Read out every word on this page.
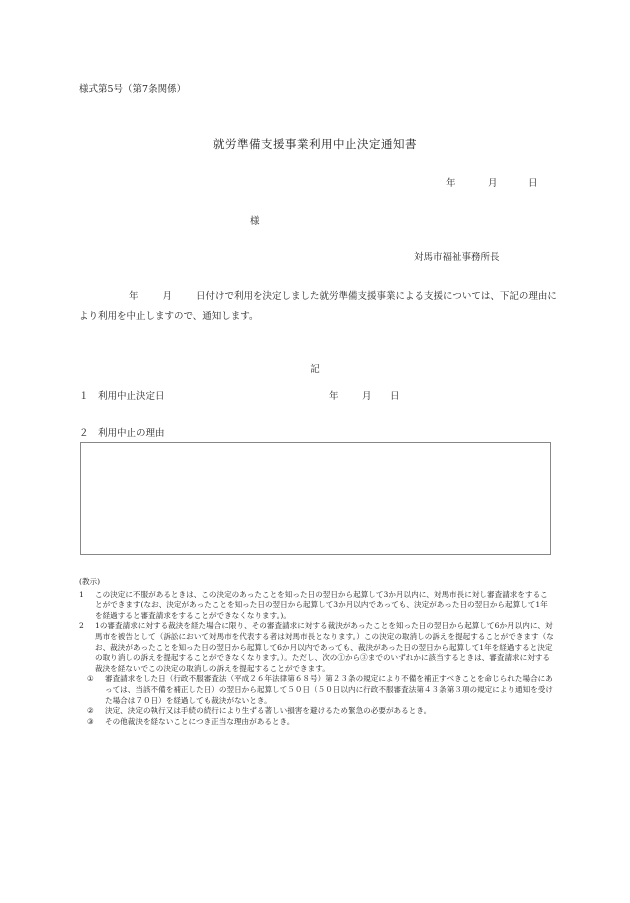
様式第5号（第7条関係）
就労準備支援事業利用中止決定通知書
年	月	日
様
対馬市福祉事務所長
年	月	日付けで利用を決定しました就労準備支援事業による支援については、下記の理由により利用を中止しますので、通知します。
記
１　利用中止決定日	年 月 日
２　利用中止の理由
(教示)
1	この決定に不服があるときは、この決定のあったことを知った日の翌日から起算して3か月以内に、対馬市長に対し審査請求をすることができます(なお、決定があったことを知った日の翌日から起算して3か月以内であっても、決定があった日の翌日から起算して1年を経過すると審査請求をすることができなくなります。)。
2	1の審査請求に対する裁決を経た場合に限り、その審査請求に対する裁決があったことを知った日の翌日から起算して6か月以内に、対馬市を被告として（訴訟において対馬市を代表する者は対馬市長となります。）この決定の取消しの訴えを提起することができます（なお、裁決があったことを知った日の翌日から起算して6か月以内であっても、裁決があった日の翌日から起算して1年を経過すると決定の取り消しの訴えを提起することができなくなります。）。ただし、次の①から③までのいずれかに該当するときは、審査請求に対する裁決を経ないでこの決定の取消しの訴えを提起することができます。
①	審査請求をした日（行政不服審査法（平成２６年法律第６８号）第２３条の規定により不備を補正すべきことを命じられた場合にあっては、当該不備を補正した日）の翌日から起算して５０日（５０日以内に行政不服審査法第４３条第３項の規定により通知を受けた場合は７０日）を経過しても裁決がないとき。
②	決定、決定の執行又は手続の続行により生ずる著しい損害を避けるため緊急の必要があるとき。
③	その他裁決を経ないことにつき正当な理由があるとき。
